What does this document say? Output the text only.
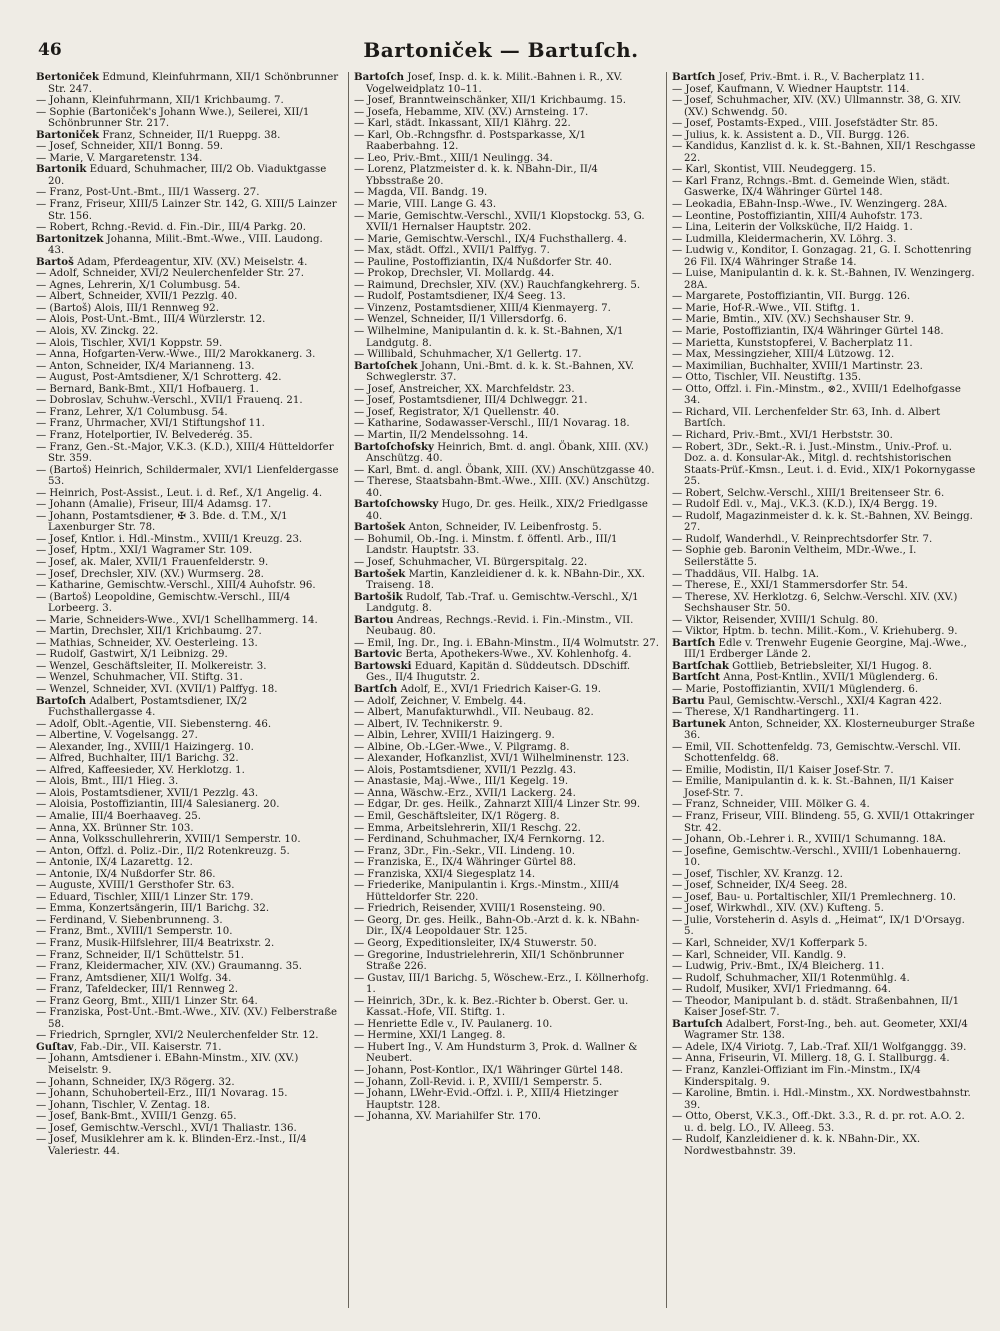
46	Bartoniček — Bartuſch.
Bertoniček Edmund, Kleinfuhrmann, XII/1 Schönbrunner Str. 247.
— Johann, Kleinfuhrmann, XII/1 Krichbaumg. 7.
— Sophie (Bartoniček's Johann Wwe.), Seilerei, XII/1 Schönbrunner Str. 217.
Bartoniček Franz, Schneider, II/1 Rueppg. 38.
— Josef, Schneider, XII/1 Bonng. 59.
— Marie, V. Margaretenstr. 134.
Bartonik Eduard, Schuhmacher, III/2 Ob. Viaduktgasse 20.
— Franz, Post-Unt.-Bmt., III/1 Wasserg. 27.
— Franz, Friseur, XIII/5 Lainzer Str. 142, G. XIII/5 Lainzer Str. 156.
— Robert, Rchng.-Revid. d. Fin.-Dir., III/4 Parkg. 20.
Bartonitzek Johanna, Milit.-Bmt.-Wwe., VIII. Laudong. 43.
Bartoš Adam, Pferdeagentur, XIV. (XV.) Meiselstr. 4.
— Adolf, Schneider, XVI/2 Neulerchenfelder Str. 27.
— Agnes, Lehrerin, X/1 Columbusg. 54.
— Albert, Schneider, XVII/1 Pezzlg. 40.
— (Bartoš) Alois, III/1 Rennweg 92.
— Alois, Post-Unt.-Bmt., III/4 Würzlerstr. 12.
— Alois, XV. Zinckg. 22.
— Alois, Tischler, XVI/1 Koppstr. 59.
— Anna, Hofgarten-Verw.-Wwe., III/2 Marokkanerg. 3.
— Anton, Schneider, IX/4 Mariannen​g. 13.
— August, Post-Amtsdiener, X/1 Schrotterg. 42.
— Bernard, Bank-Bmt., XII/1 Hofbauerg. 1.
— Dobroslav, Schuhw.-Verschl., XVII/1 Frauenq. 21.
— Franz, Lehrer, X/1 Columbusg. 54.
— Franz, Uhrmacher, XVI/1 Stiftungshof 11.
— Franz, Hotelportier, IV. Belvederég. 35.
— Franz, Gen.-St.-Major, V.K.3. (K.D.), XIII/4 Hütteldorfer Str. 359.
— (Bartoš) Heinrich, Schildermaler, XVI/1 Lienfeldergasse 53.
— Heinrich, Post-Assist., Leut. i. d. Ref., X/1 Angelig. 4.
— Johann (Amalie), Friseur, III/4 Adamsg. 17.
— Johann, Postamtsdiener, ✠ 3. Bde. d. T.M., X/1 Laxenburger Str. 78.
— Josef, Kntlor. i. Hdl.-Minstm., XVIII/1 Kreuzg. 23.
— Josef, Hptm., XXI/1 Wagramer Str. 109.
— Josef, ak. Maler, XVII/1 Frauenfelderstr. 9.
— Josef, Drechsler, XIV. (XV.) Wurmserg. 28.
— Katharine, Gemischtw.-Verschl., XIII/4 Auhofstr. 96.
— (Bartoš) Leopoldine, Gemischtw.-Verschl., III/4 Lorbeerg. 3.
— Marie, Schneiders-Wwe., XVI/1 Schellhammerg. 14.
— Martin, Drechsler, XII/1 Krichbaumg. 27.
— Mathias, Schneider, XV. Oesterleing. 13.
— Rudolf, Gastwirt, X/1 Leibnizg. 29.
— Wenzel, Geschäftsleiter, II. Molkereistr. 3.
— Wenzel, Schuhmacher, VII. Stiftg. 31.
— Wenzel, Schneider, XVI. (XVII/1) Palffyg. 18.
Bartoſch Adalbert, Postamtsdiener, IX/2 Fuchsthallergasse 4.
— Adolf, Oblt.-Agentie, VII. Siebensterng. 46.
— Albertine, V. Vogelsangg. 27.
— Alexander, Ing., XVIII/1 Haizingerg. 10.
— Alfred, Buchhalter, III/1 Barichg. 32.
— Alfred, Kaffeesieder, XV. Herklotzg. 1.
— Alois, Bmt., III/1 Hieg. 3.
— Alois, Postamtsdiener, XVII/1 Pezzlg. 43.
— Aloisia, Postoffiziantin, III/4 Salesianerg. 20.
— Amalie, III/4 Boerhaaveg. 25.
— Anna, XX. Brünner Str. 103.
— Anna, Volksschullehrerin, XVIII/1 Semperstr. 10.
— Anton, Offzl. d. Poliz.-Dir., II/2 Rotenkreuzg. 5.
— Antonie, IX/4 Lazarettg. 12.
— Antonie, IX/4 Nußdorfer Str. 86.
— Auguste, XVIII/1 Gersthofer Str. 63.
— Eduard, Tischler, XIII/1 Linzer Str. 179.
— Emma, Konzertsängerin, III/1 Barichg. 32.
— Ferdinand, V. Siebenbrunneng. 3.
— Franz, Bmt., XVIII/1 Semperstr. 10.
— Franz, Musik-Hilfslehrer, III/4 Beatrixstr. 2.
— Franz, Schneider, II/1 Schüttelstr. 51.
— Franz, Kleidermacher, XIV. (XV.) Graumanng. 35.
— Franz, Amtsdiener, XII/1 Wolfg. 34.
— Franz, Tafeldecker, III/1 Rennweg 2.
— Franz Georg, Bmt., XIII/1 Linzer Str. 64.
— Franziska, Post-Unt.-Bmt.-Wwe., XIV. (XV.) Felberstraße 58.
— Friedrich, Sprngler, XVI/2 Neulerchenfelder Str. 12.
Guſtav, Fab.-Dir., VII. Kaiserstr. 71.
— Johann, Amtsdiener i. EBahn-Minstm., XIV. (XV.) Meiselstr. 9.
— Johann, Schneider, IX/3 Rögerg. 32.
— Johann, Schuhoberteil-Erz., III/1 Novarag. 15.
— Johann, Tischler, V. Zentag. 18.
— Josef, Bank-Bmt., XVIII/1 Genzg. 65.
— Josef, Gemischtw.-Verschl., XVI/1 Thaliastr. 136.
— Josef, Musiklehrer am k. k. Blinden-Erz.-Inst., II/4 Valeriestr. 44.
Bartoſch Josef, Insp. d. k. k. Milit.-Bahnen i. R., XV. Vogelweidplatz 10–11.
— Josef, Branntweinschänker, XII/1 Krichbaumg. 15.
— Josefa, Hebamme, XIV. (XV.) Arnsteing. 17.
— Karl, städt. Inkassant, XII/1 Klährg. 22.
— Karl, Ob.-Rchngsfhr. d. Postsparkasse, X/1 Raaberbahng. 12.
— Leo, Priv.-Bmt., XIII/1 Neulingg. 34.
— Lorenz, Platzmeister d. k. k. NBahn-Dir., II/4 Ybbsstraße 20.
— Magda, VII. Bandg. 19.
— Marie, VIII. Lange G. 43.
— Marie, Gemischtw.-Verschl., XVII/1 Klopstockg. 53, G. XVII/1 Hernalser Hauptstr. 202.
— Marie, Gemischtw.-Verschl., IX/4 Fuchsthallerg. 4.
— Max, städt. Offzl., XVII/1 Palffyg. 7.
— Pauline, Postoffiziantin, IX/4 Nußdorfer Str. 40.
— Prokop, Drechsler, VI. Mollardg. 44.
— Raimund, Drechsler, XIV. (XV.) Rauchfangkehrerg. 5.
— Rudolf, Postamtsdiener, IX/4 Seeg. 13.
— Vinzenz, Postamtsdiener, XIII/4 Kienmayerg. 7.
— Wenzel, Schneider, II/1 Villersdorfg. 6.
— Wilhelmine, Manipulantin d. k. k. St.-Bahnen, X/1 Landgutg. 8.
— Willibald, Schuhmacher, X/1 Gellertg. 17.
Bartoſchek Johann, Uni.-Bmt. d. k. k. St.-Bahnen, XV. Schweglerstr. 37.
— Josef, Anstreicher, XX. Marchfeldstr. 23.
— Josef, Postamtsdiener, III/4 Dchlweggr. 21.
— Josef, Registrator, X/1 Quellenstr. 40.
— Katharine, Sodawasser-Verschl., III/1 Novarag. 18.
— Martin, II/2 Mendelssohng. 14.
Bartoſchofsky Heinrich, Bmt. d. angl. Öbank, XIII. (XV.) Anschützg. 40.
— Karl, Bmt. d. angl. Öbank, XIII. (XV.) Anschützgasse 40.
— Therese, Staatsbahn-Bmt.-Wwe., XIII. (XV.) Anschützg. 40.
Bartoſchowsky Hugo, Dr. ges. Heilk., XIX/2 Friedlgasse 40.
Bartošek Anton, Schneider, IV. Leibenfrostg. 5.
— Bohumil, Ob.-Ing. i. Minstm. f. öffentl. Arb., III/1 Landstr. Hauptstr. 33.
— Josef, Schuhmacher, VI. Bürgerspitalg. 22.
Bartošek Martin, Kanzleidiener d. k. k. NBahn-Dir., XX. Traiseng. 18.
Bartošik Rudolf, Tab.-Traf. u. Gemischtw.-Verschl., X/1 Landgutg. 8.
Bartou Andreas, Rechngs.-Revid. i. Fin.-Minstm., VII. Neubaug. 80.
— Emil, Ing. Dr., Ing. i. EBahn-Minstm., II/4 Wolmutstr. 27.
Bartovic Berta, Apothekers-Wwe., XV. Kohlenhofg. 4.
Bartowski Eduard, Kapitän d. Süddeutsch. DDschiff. Ges., II/4 Ihugutstr. 2.
Bartſch Adolf, E., XVI/1 Friedrich Kaiser-G. 19.
— Adolf, Zeichner, V. Embelg. 44.
— Albert, Manufakturwhdl., VII. Neubaug. 82.
— Albert, IV. Technikerstr. 9.
— Albin, Lehrer, XVIII/1 Haizingerg. 9.
— Albine, Ob.-LGer.-Wwe., V. Pilgramg. 8.
— Alexander, Hofkanzlist, XVI/1 Wilhelminenstr. 123.
— Alois, Postamtsdiener, XVII/1 Pezzlg. 43.
— Anastasie, Maj.-Wwe., III/1 Kegelg. 19.
— Anna, Wäschw.-Erz., XVII/1 Lackerg. 24.
— Edgar, Dr. ges. Heilk., Zahnarzt XIII/4 Linzer Str. 99.
— Emil, Geschäftsleiter, IX/1 Rögerg. 8.
— Emma, Arbeitslehrerin, XII/1 Reschg. 22.
— Ferdinand, Schuhmacher, IX/4 Fernkorng. 12.
— Franz, 3Dr., Fin.-Sekr., VII. Lindeng. 10.
— Franziska, E., IX/4 Währinger Gürtel 88.
— Franziska, XXI/4 Siegesplatz 14.
— Friederike, Manipulantin i. Krgs.-Minstm., XIII/4 Hütteldorfer Str. 220.
— Friedrich, Reisender, XVIII/1 Rosensteing. 90.
— Georg, Dr. ges. Heilk., Bahn-Ob.-Arzt d. k. k. NBahn-Dir., IX/4 Leopoldauer Str. 125.
— Georg, Expeditionsleiter, IX/4 Stuwerstr. 50.
— Gregorine, Industrielehrerin, XII/1 Schönbrunner Straße 226.
— Gustav, III/1 Barichg. 5, Wöschew.-Erz., I. Köllnerhofg. 1.
— Heinrich, 3Dr., k. k. Bez.-Richter b. Oberst. Ger. u. Kassat.-Hofe, VII. Stiftg. 1.
— Henriette Edle v., IV. Paulanerg. 10.
— Hermine, XXI/1 Langeg. 8.
— Hubert Ing., V. Am Hundsturm 3, Prok. d. Wallner & Neubert.
— Johann, Post-Kontlor., IX/1 Währinger Gürtel 148.
— Johann, Zoll-Revid. i. P., XVIII/1 Semperstr. 5.
— Johann, LWehr-Evid.-Offzl. i. P., XIII/4 Hietzinger Hauptstr. 128.
— Johanna, XV. Mariahilfer Str. 170.
Bartſch Josef, Priv.-Bmt. i. R., V. Bacherplatz 11.
— Josef, Kaufmann, V. Wiedner Hauptstr. 114.
— Josef, Schuhmacher, XIV. (XV.) Ullmannstr. 38, G. XIV. (XV.) Schwendg. 50.
— Josef, Postamts-Exped., VIII. Josefstädter Str. 85.
— Julius, k. k. Assistent a. D., VII. Burgg. 126.
— Kandidus, Kanzlist d. k. k. St.-Bahnen, XII/1 Reschgasse 22.
— Karl, Skontist, VIII. Neudeggerg. 15.
— Karl Franz, Rchngs.-Bmt. d. Gemeinde Wien, städt. Gaswerke, IX/4 Währinger Gürtel 148.
— Leokadia, EBahn-Insp.-Wwe., IV. Wenzingerg. 28A.
— Leontine, Postoffiziantin, XIII/4 Auhofstr. 173.
— Lina, Leiterin der Volksküche, II/2 Haidg. 1.
— Ludmilla, Kleidermacherin, XV. Löhrg. 3.
— Ludwig v., Konditor, I. Gonzagag. 21, G. I. Schottenring 26 Fil. IX/4 Währinger Straße 14.
— Luise, Manipulantin d. k. k. St.-Bahnen, IV. Wenzingerg. 28A.
— Margarete, Postoffiziantin, VII. Burgg. 126.
— Marie, Hof-R.-Wwe., VII. Stiftg. 1.
— Marie, Bmtin., XIV. (XV.) Sechshauser Str. 9.
— Marie, Postoffiziantin, IX/4 Währinger Gürtel 148.
— Marietta, Kunststopferei, V. Bacherplatz 11.
— Max, Messingzieher, XIII/4 Lützowg. 12.
— Maximilian, Buchhalter, XVIII/1 Martinstr. 23.
— Otto, Tischler, VII. Neustiftg. 135.
— Otto, Offzl. i. Fin.-Minstm., ⊗2., XVIII/1 Edelhofgasse 34.
— Richard, VII. Lerchenfelder Str. 63, Inh. d. Albert Bartſch.
— Richard, Priv.-Bmt., XVI/1 Herbststr. 30.
— Robert, 3Dr., Sekt.-R. i. Just.-Minstm., Univ.-Prof. u. Doz. a. d. Konsular-Ak., Mitgl. d. rechtshistorischen Staats-Prüf.-Kmsn., Leut. i. d. Evid., XIX/1 Pokornygasse 25.
— Robert, Selchw.-Verschl., XIII/1 Breitenseer Str. 6.
— Rudolf Edl. v., Maj., V.K.3. (K.D.), IX/4 Bergg. 19.
— Rudolf, Magazinmeister d. k. k. St.-Bahnen, XV. Beingg. 27.
— Rudolf, Wanderhdl., V. Reinprechtsdorfer Str. 7.
— Sophie geb. Baronin Veltheim, MDr.-Wwe., I. Seilerstätte 5.
— Thaddäus, VII. Halbg. 1A.
— Therese, E., XXI/1 Stammersdorfer Str. 54.
— Therese, XV. Herklotzg. 6, Selchw.-Verschl. XIV. (XV.) Sechshauser Str. 50.
— Viktor, Reisender, XVIII/1 Schulg. 80.
— Viktor, Hptm. b. techn. Milit.-Kom., V. Kriehuberg. 9.
Bartſch Edle v. Trenwehr Eugenie Georgine, Maj.-Wwe., III/1 Erdberger Lände 2.
Bartſchak Gottlieb, Betriebsleiter, XI/1 Hugog. 8.
Bartſcht Anna, Post-Kntlin., XVII/1 Müglenderg. 6.
— Marie, Postoffiziantin, XVII/1 Müglenderg. 6.
Bartu Paul, Gemischtw.-Verschl., XXI/4 Kagran 422.
— Therese, X/1 Randhartingerg. 11.
Bartunek Anton, Schneider, XX. Klosterneuburger Straße 36.
— Emil, VII. Schottenfeldg. 73, Gemischtw.-Verschl. VII. Schottenfeldg. 68.
— Emilie, Modistin, II/1 Kaiser Josef-Str. 7.
— Emilie, Manipulantin d. k. k. St.-Bahnen, II/1 Kaiser Josef-Str. 7.
— Franz, Schneider, VIII. Mölker G. 4.
— Franz, Friseur, VIII. Blindeng. 55, G. XVII/1 Ottakringer Str. 42.
— Johann, Ob.-Lehrer i. R., XVIII/1 Schumanng. 18A.
— Josefine, Gemischtw.-Verschl., XVIII/1 Lobenhauerng. 10.
— Josef, Tischler, XV. Kranzg. 12.
— Josef, Schneider, IX/4 Seeg. 28.
— Josef, Bau- u. Portaltischler, XII/1 Premlechnerg. 10.
— Josef, Wirkwhdl., XIV. (XV.) Kufteng. 5.
— Julie, Vorsteherin d. Asyls d. „Heimat“, IX/1 D'Orsayg. 5.
— Karl, Schneider, XV/1 Kofferpark 5.
— Karl, Schneider, VII. Kandlg. 9.
— Ludwig, Priv.-Bmt., IX/4 Bleicherg. 11.
— Rudolf, Schuhmacher, XII/1 Rotenmühlg. 4.
— Rudolf, Musiker, XVI/1 Friedmanng. 64.
— Theodor, Manipulant b. d. städt. Straßenbahnen, II/1 Kaiser Josef-Str. 7.
Bartuſch Adalbert, Forst-Ing., beh. aut. Geometer, XXI/4 Wagramer Str. 138.
— Adele, IX/4 Viriotg. 7, Lab.-Traf. XII/1 Wolfganggg. 39.
— Anna, Friseurin, VI. Millerg. 18, G. I. Stallburgg. 4.
— Franz, Kanzlei-Offiziant im Fin.-Minstm., IX/4 Kinderspitalg. 9.
— Karoline, Bmtin. i. Hdl.-Minstm., XX. Nordwestbahnstr. 39.
— Otto, Oberst, V.K.3., Off.-Dkt. 3.3., R. d. pr. rot. A.O. 2. u. d. belg. LO., IV. Alleeg. 53.
— Rudolf, Kanzleidiener d. k. k. NBahn-Dir., XX. Nordwestbahnstr. 39.
